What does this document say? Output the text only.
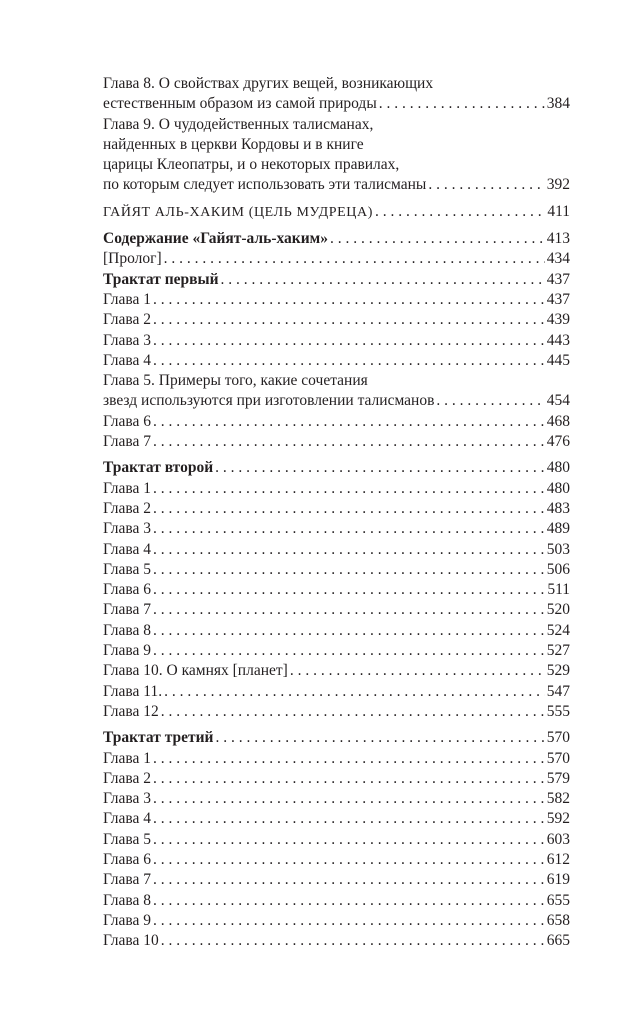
Глава 8. О свойствах других вещей, возникающих
естественным образом из самой природы . . .	384
Глава 9. О чудодейственных талисманах,
найденных в церкви Кордовы и в книге
царицы Клеопатры, и о некоторых правилах,
по которым следует использовать эти талисманы . . .	392
ГАЙЯТ АЛЬ-ХАКИМ (ЦЕЛЬ МУДРЕЦА) . . .	411
Содержание «Гайят-аль-хаким» . . .	413
[Пролог] . . .	434
Трактат первый . . .	437
Глава 1 . . .	437
Глава 2 . . .	439
Глава 3 . . .	443
Глава 4 . . .	445
Глава 5. Примеры того, какие сочетания
звезд используются при изготовлении талисманов . . .	454
Глава 6 . . .	468
Глава 7 . . .	476
Трактат второй . . .	480
Глава 1 . . .	480
Глава 2 . . .	483
Глава 3 . . .	489
Глава 4 . . .	503
Глава 5 . . .	506
Глава 6 . . .	511
Глава 7 . . .	520
Глава 8 . . .	524
Глава 9 . . .	527
Глава 10. О камнях [планет] . . .	529
Глава 11. . . .	547
Глава 12 . . .	555
Трактат третий . . .	570
Глава 1 . . .	570
Глава 2 . . .	579
Глава 3 . . .	582
Глава 4 . . .	592
Глава 5 . . .	603
Глава 6 . . .	612
Глава 7 . . .	619
Глава 8 . . .	655
Глава 9 . . .	658
Глава 10 . . .	665
